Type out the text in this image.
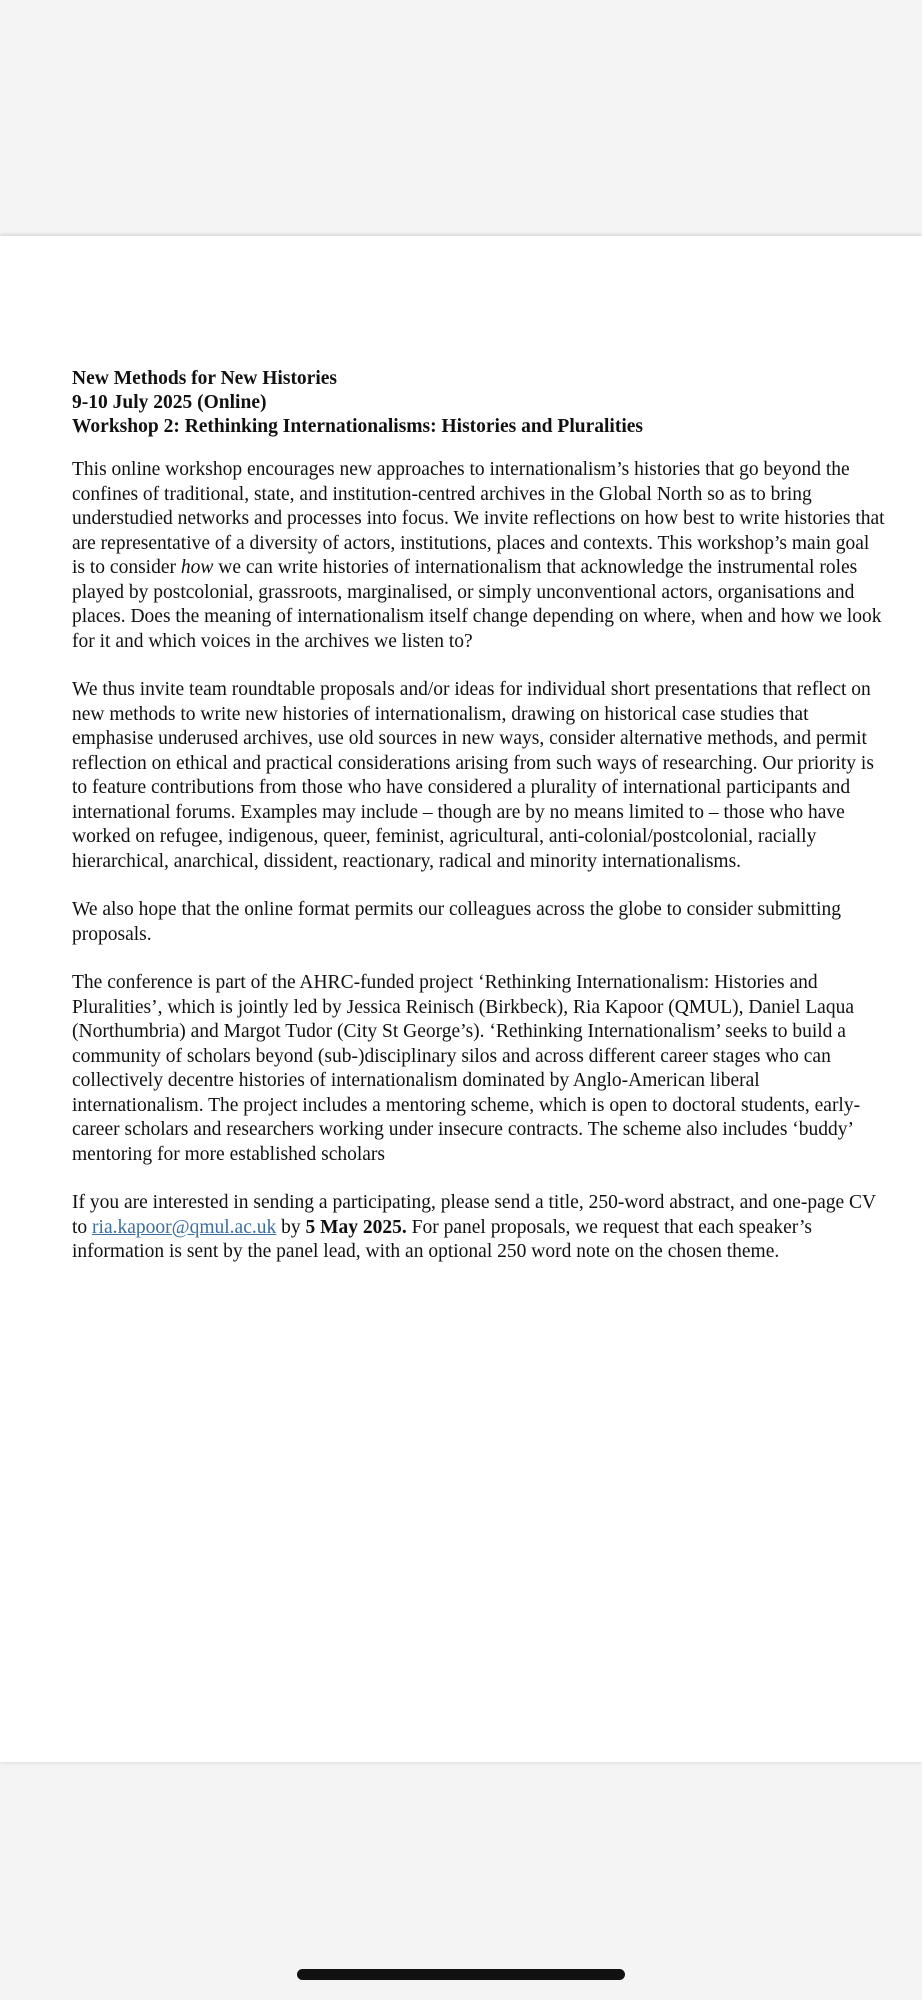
New Methods for New Histories
9-10 July 2025 (Online)
Workshop 2: Rethinking Internationalisms: Histories and Pluralities

This online workshop encourages new approaches to internationalism’s histories that go beyond the confines of traditional, state, and institution-centred archives in the Global North so as to bring understudied networks and processes into focus. We invite reflections on how best to write histories that are representative of a diversity of actors, institutions, places and contexts. This workshop’s main goal is to consider how we can write histories of internationalism that acknowledge the instrumental roles played by postcolonial, grassroots, marginalised, or simply unconventional actors, organisations and places. Does the meaning of internationalism itself change depending on where, when and how we look for it and which voices in the archives we listen to?

We thus invite team roundtable proposals and/or ideas for individual short presentations that reflect on new methods to write new histories of internationalism, drawing on historical case studies that emphasise underused archives, use old sources in new ways, consider alternative methods, and permit reflection on ethical and practical considerations arising from such ways of researching. Our priority is to feature contributions from those who have considered a plurality of international participants and international forums. Examples may include – though are by no means limited to – those who have worked on refugee, indigenous, queer, feminist, agricultural, anti-colonial/postcolonial, racially hierarchical, anarchical, dissident, reactionary, radical and minority internationalisms.

We also hope that the online format permits our colleagues across the globe to consider submitting proposals.

The conference is part of the AHRC-funded project ‘Rethinking Internationalism: Histories and Pluralities’, which is jointly led by Jessica Reinisch (Birkbeck), Ria Kapoor (QMUL), Daniel Laqua (Northumbria) and Margot Tudor (City St George’s). ‘Rethinking Internationalism’ seeks to build a community of scholars beyond (sub-)disciplinary silos and across different career stages who can collectively decentre histories of internationalism dominated by Anglo-American liberal internationalism. The project includes a mentoring scheme, which is open to doctoral students, early-career scholars and researchers working under insecure contracts. The scheme also includes ‘buddy’ mentoring for more established scholars

If you are interested in sending a participating, please send a title, 250-word abstract, and one-page CV to ria.kapoor@qmul.ac.uk by 5 May 2025. For panel proposals, we request that each speaker’s information is sent by the panel lead, with an optional 250 word note on the chosen theme.
